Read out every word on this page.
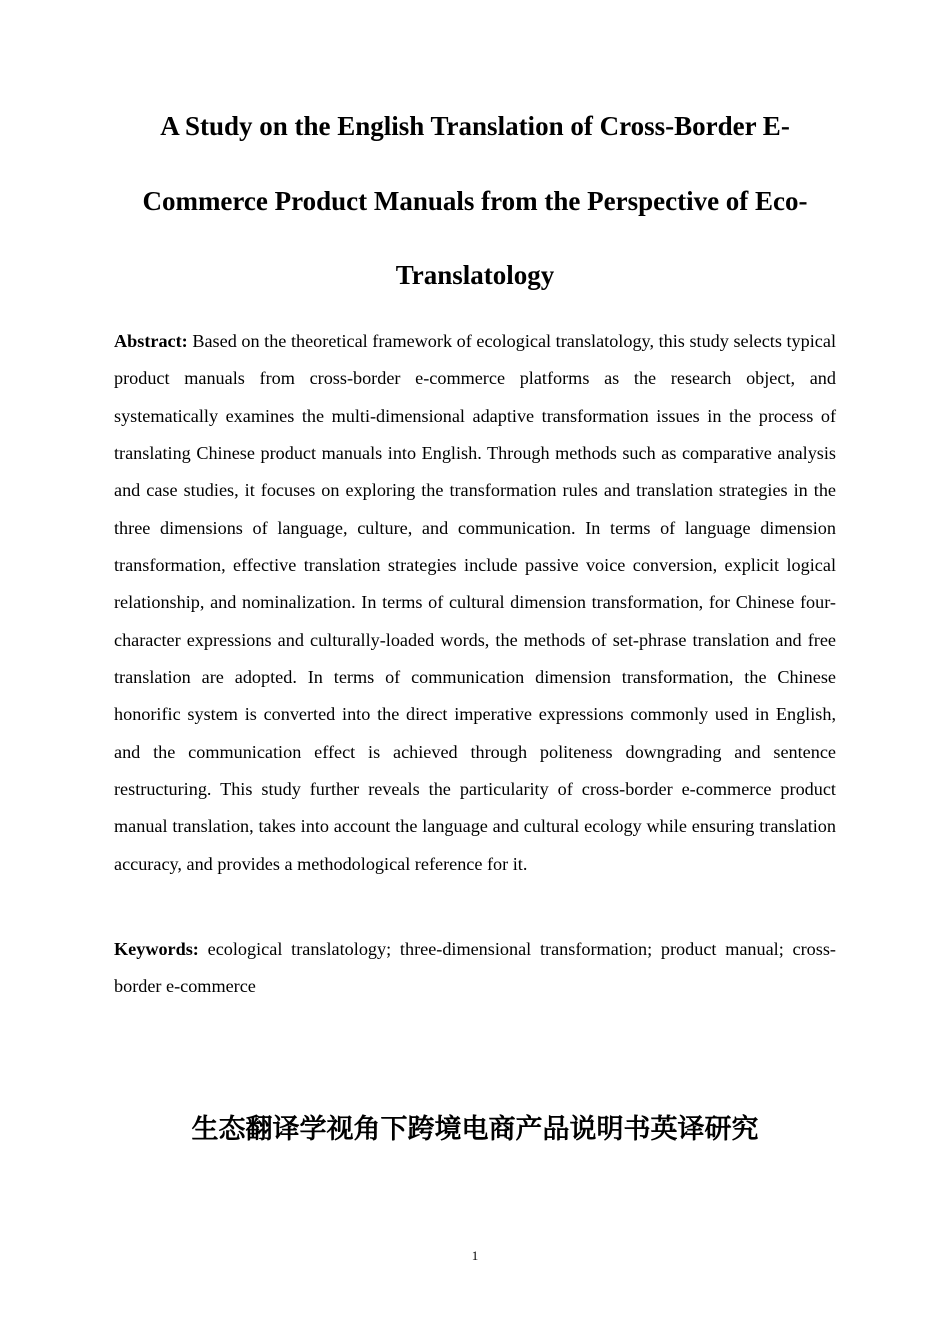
A Study on the English Translation of Cross-Border E-Commerce Product Manuals from the Perspective of Eco-Translatology

Abstract: Based on the theoretical framework of ecological translatology, this study selects typical product manuals from cross-border e-commerce platforms as the research object, and systematically examines the multi-dimensional adaptive transformation issues in the process of translating Chinese product manuals into English. Through methods such as comparative analysis and case studies, it focuses on exploring the transformation rules and translation strategies in the three dimensions of language, culture, and communication. In terms of language dimension transformation, effective translation strategies include passive voice conversion, explicit logical relationship, and nominalization. In terms of cultural dimension transformation, for Chinese four-character expressions and culturally-loaded words, the methods of set-phrase translation and free translation are adopted. In terms of communication dimension transformation, the Chinese honorific system is converted into the direct imperative expressions commonly used in English, and the communication effect is achieved through politeness downgrading and sentence restructuring. This study further reveals the particularity of cross-border e-commerce product manual translation, takes into account the language and cultural ecology while ensuring translation accuracy, and provides a methodological reference for it.

Keywords: ecological translatology; three-dimensional transformation; product manual; cross-border e-commerce

生态翻译学视角下跨境电商产品说明书英译研究
1
